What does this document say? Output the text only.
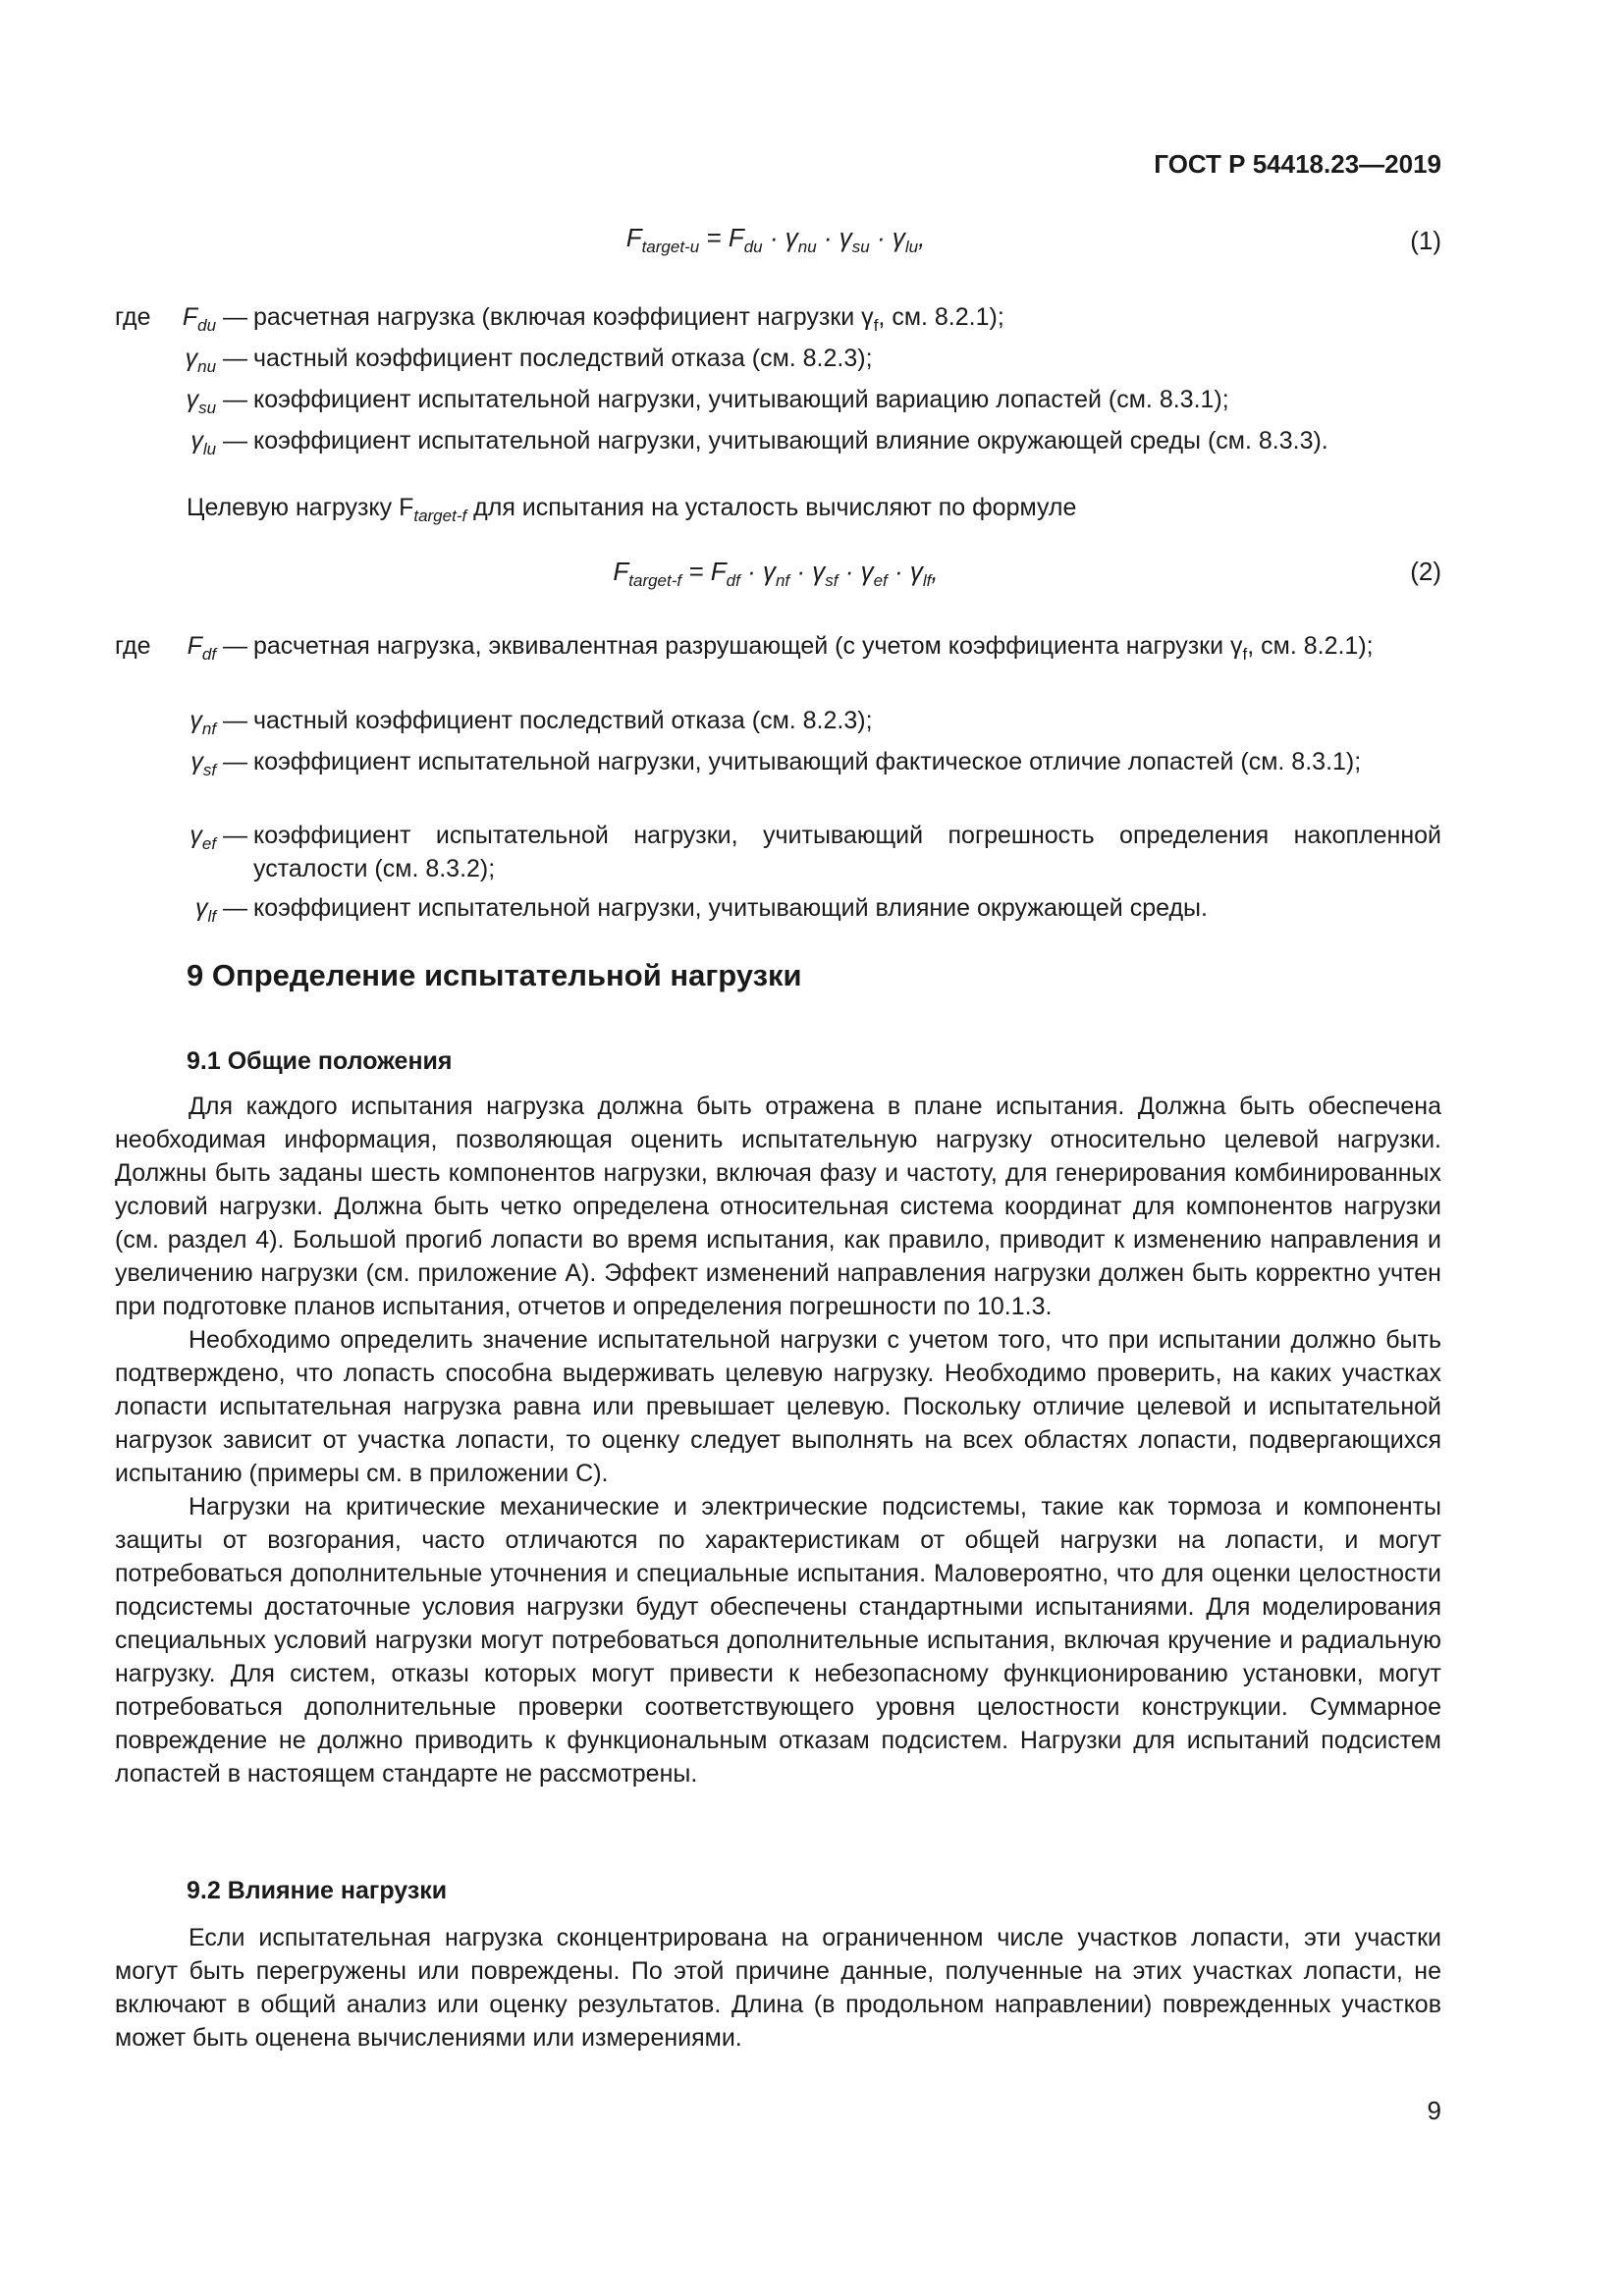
ГОСТ Р 54418.23—2019
$F_{target-u} = F_{du} \cdot \gamma_{nu} \cdot \gamma_{su} \cdot \gamma_{lu}$,	(1)
где	$F_{du}$ — расчетная нагрузка (включая коэффициент нагрузки $\gamma_f$, см. 8.2.1);
$\gamma_{nu}$ — частный коэффициент последствий отказа (см. 8.2.3);
$\gamma_{su}$ — коэффициент испытательной нагрузки, учитывающий вариацию лопастей (см. 8.3.1);
$\gamma_{lu}$ — коэффициент испытательной нагрузки, учитывающий влияние окружающей среды (см. 8.3.3).
Целевую нагрузку $F_{target-f}$ для испытания на усталость вычисляют по формуле
$F_{target-f} = F_{df} \cdot \gamma_{nf} \cdot \gamma_{sf} \cdot \gamma_{ef} \cdot \gamma_{lf}$,	(2)
где	$F_{df}$ — расчетная нагрузка, эквивалентная разрушающей (с учетом коэффициента нагрузки $\gamma_f$, см. 8.2.1);
$\gamma_{nf}$ — частный коэффициент последствий отказа (см. 8.2.3);
$\gamma_{sf}$ — коэффициент испытательной нагрузки, учитывающий фактическое отличие лопастей (см. 8.3.1);
$\gamma_{ef}$ — коэффициент испытательной нагрузки, учитывающий погрешность определения накопленной усталости (см. 8.3.2);
$\gamma_{lf}$ — коэффициент испытательной нагрузки, учитывающий влияние окружающей среды.
9 Определение испытательной нагрузки
9.1 Общие положения

Для каждого испытания нагрузка должна быть отражена в плане испытания. Должна быть обеспечена необходимая информация, позволяющая оценить испытательную нагрузку относительно целевой нагрузки. Должны быть заданы шесть компонентов нагрузки, включая фазу и частоту, для генерирования комбинированных условий нагрузки. Должна быть четко определена относительная система координат для компонентов нагрузки (см. раздел 4). Большой прогиб лопасти во время испытания, как правило, приводит к изменению направления и увеличению нагрузки (см. приложение А). Эффект изменений направления нагрузки должен быть корректно учтен при подготовке планов испытания, отчетов и определения погрешности по 10.1.3.

Необходимо определить значение испытательной нагрузки с учетом того, что при испытании должно быть подтверждено, что лопасть способна выдерживать целевую нагрузку. Необходимо проверить, на каких участках лопасти испытательная нагрузка равна или превышает целевую. Поскольку отличие целевой и испытательной нагрузок зависит от участка лопасти, то оценку следует выполнять на всех областях лопасти, подвергающихся испытанию (примеры см. в приложении С).

Нагрузки на критические механические и электрические подсистемы, такие как тормоза и компоненты защиты от возгорания, часто отличаются по характеристикам от общей нагрузки на лопасти, и могут потребоваться дополнительные уточнения и специальные испытания. Маловероятно, что для оценки целостности подсистемы достаточные условия нагрузки будут обеспечены стандартными испытаниями. Для моделирования специальных условий нагрузки могут потребоваться дополнительные испытания, включая кручение и радиальную нагрузку. Для систем, отказы которых могут привести к небезопасному функционированию установки, могут потребоваться дополнительные проверки соответствующего уровня целостности конструкции. Суммарное повреждение не должно приводить к функциональным отказам подсистем. Нагрузки для испытаний подсистем лопастей в настоящем стандарте не рассмотрены.

9.2 Влияние нагрузки

Если испытательная нагрузка сконцентрирована на ограниченном числе участков лопасти, эти участки могут быть перегружены или повреждены. По этой причине данные, полученные на этих участках лопасти, не включают в общий анализ или оценку результатов. Длина (в продольном направлении) поврежденных участков может быть оценена вычислениями или измерениями.

9
